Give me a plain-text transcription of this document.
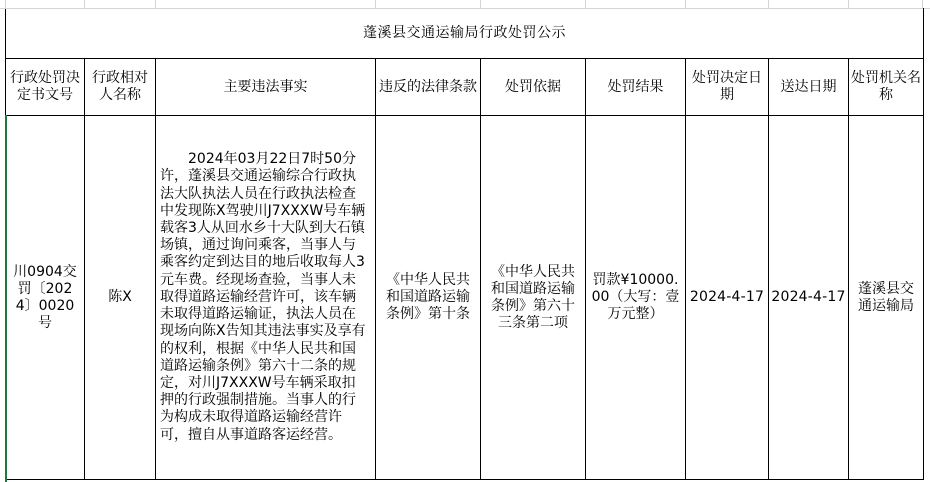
蓬溪县交通运输局行政处罚公示								
行政处罚决定书文号	行政相对人名称	主要违法事实	违反的法律条款	处罚依据	处罚结果	处罚决定日期	送达日期	处罚机关名称
川0904交罚〔2024〕0020号	陈X	2024年03月22日7时50分许，蓬溪县交通运输综合行政执法大队执法人员在行政执法检查中发现陈X驾驶川J7XXXW号车辆载客3人从回水乡十大队到大石镇场镇，通过询问乘客，当事人与乘客约定到达目的地后收取每人3元车费。经现场查验，当事人未取得道路运输经营许可，该车辆未取得道路运输证，执法人员在现场向陈X告知其违法事实及享有的权利，根据《中华人民共和国道路运输条例》第六十二条的规定，对川J7XXXW号车辆采取扣押的行政强制措施。当事人的行为构成未取得道路运输经营许可，擅自从事道路客运经营。	《中华人民共和国道路运输条例》第十条	《中华人民共和国道路运输条例》第六十三条第二项	罚款¥10000.00（大写：壹万元整）	2024-4-17	2024-4-17	蓬溪县交通运输局
